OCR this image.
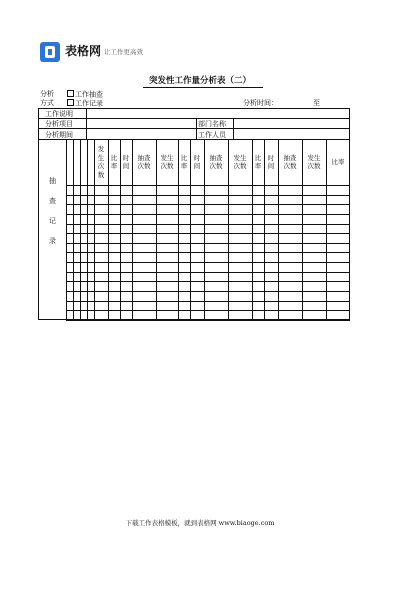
表格网 让工作更高效
突发性工作量分析表（二）
分析
方式
工作抽查
工作记录	分析时间：	至
工作说明
分析项目
分析期间
部门名称
工作人员
发
生
次
数
比
率
时
间
抽查
次数
发生
次数
比
率
时
间
抽查
次数
发生
次数
比
率
时
间
抽查
次数
发生
次数
比率
抽
查
记
录
下载工作表格模板，就到表格网 www.biaoge.com
